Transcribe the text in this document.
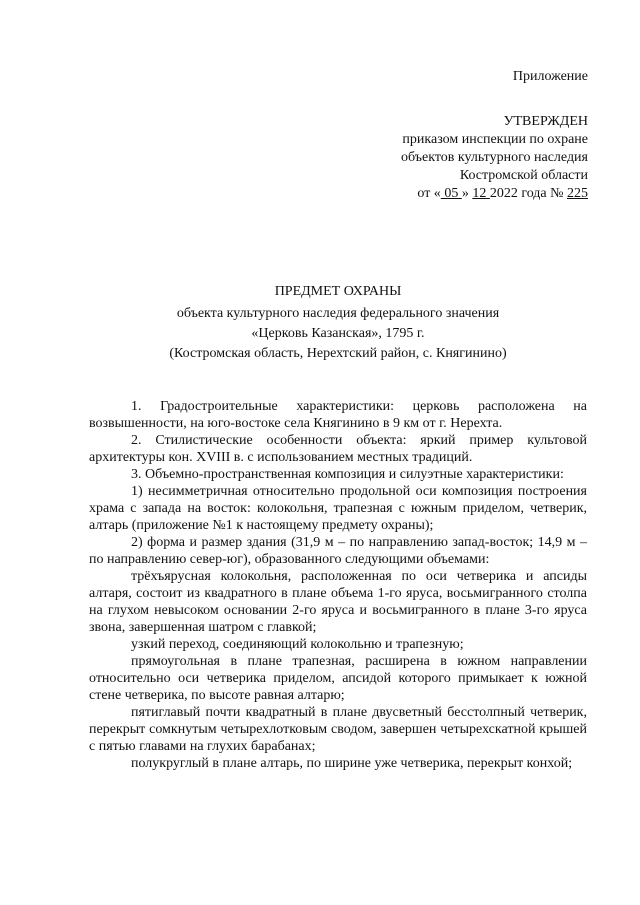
Приложение
УТВЕРЖДЕН
приказом инспекции по охране
объектов культурного наследия
Костромской области
от « 05 » 12 2022 года № 225
ПРЕДМЕТ ОХРАНЫ
объекта культурного наследия федерального значения
«Церковь Казанская», 1795 г.
(Костромская область, Нерехтский район, с. Княгинино)

1. Градостроительные характеристики: церковь расположена на возвышенности, на юго-востоке села Княгинино в 9 км от г. Нерехта.

2. Стилистические особенности объекта: яркий пример культовой архитектуры кон. XVIII в. с использованием местных традиций.

3. Объемно-пространственная композиция и силуэтные характеристики:

1) несимметричная относительно продольной оси композиция построения храма с запада на восток: колокольня, трапезная с южным приделом, четверик, алтарь (приложение №1 к настоящему предмету охраны);

2) форма и размер здания (31,9 м – по направлению запад-восток; 14,9 м – по направлению север-юг), образованного следующими объемами:

трёхъярусная колокольня, расположенная по оси четверика и апсиды алтаря, состоит из квадратного в плане объема 1-го яруса, восьмигранного столпа на глухом невысоком основании 2-го яруса и восьмигранного в плане 3-го яруса звона, завершенная шатром с главкой;

узкий переход, соединяющий колокольню и трапезную;

прямоугольная в плане трапезная, расширена в южном направлении относительно оси четверика приделом, апсидой которого примыкает к южной стене четверика, по высоте равная алтарю;

пятиглавый почти квадратный в плане двусветный бесстолпный четверик, перекрыт сомкнутым четырехлотковым сводом, завершен четырехскатной крышей с пятью главами на глухих барабанах;

полукруглый в плане алтарь, по ширине уже четверика, перекрыт конхой;
